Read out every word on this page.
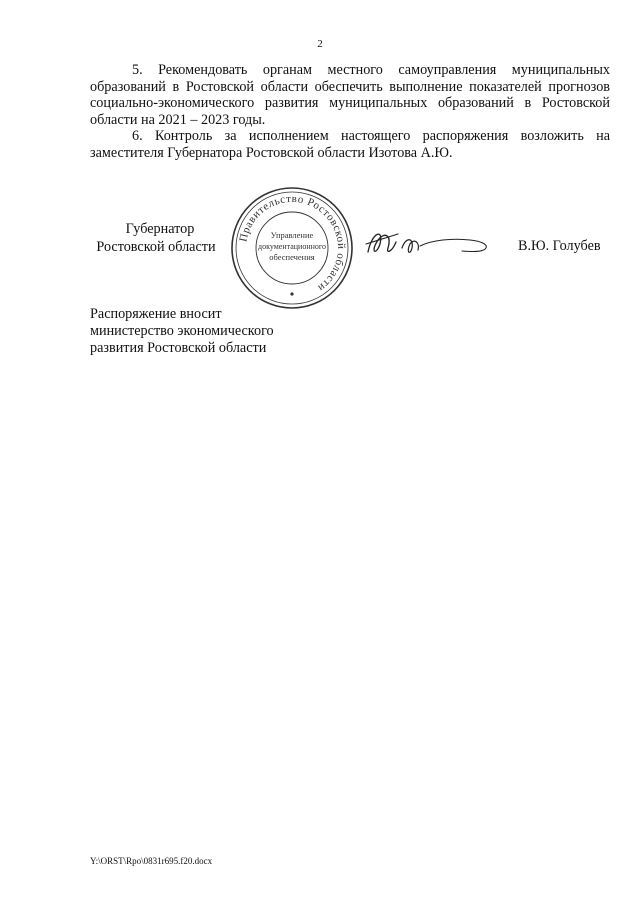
2

5. Рекомендовать органам местного самоуправления муниципальных образований в Ростовской области обеспечить выполнение показателей прогнозов социально-экономического развития муниципальных образований в Ростовской области на 2021 – 2023 годы.

6. Контроль за исполнением настоящего распоряжения возложить на заместителя Губернатора Ростовской области Изотова А.Ю.

Губернатор
Ростовской области
Правительство Ростовской области
Управление
документационного
обеспечения
В.Ю. Голубев
Распоряжение вносит
министерство экономического
развития Ростовской области
Y:\ORST\Rpo\0831r695.f20.docx
